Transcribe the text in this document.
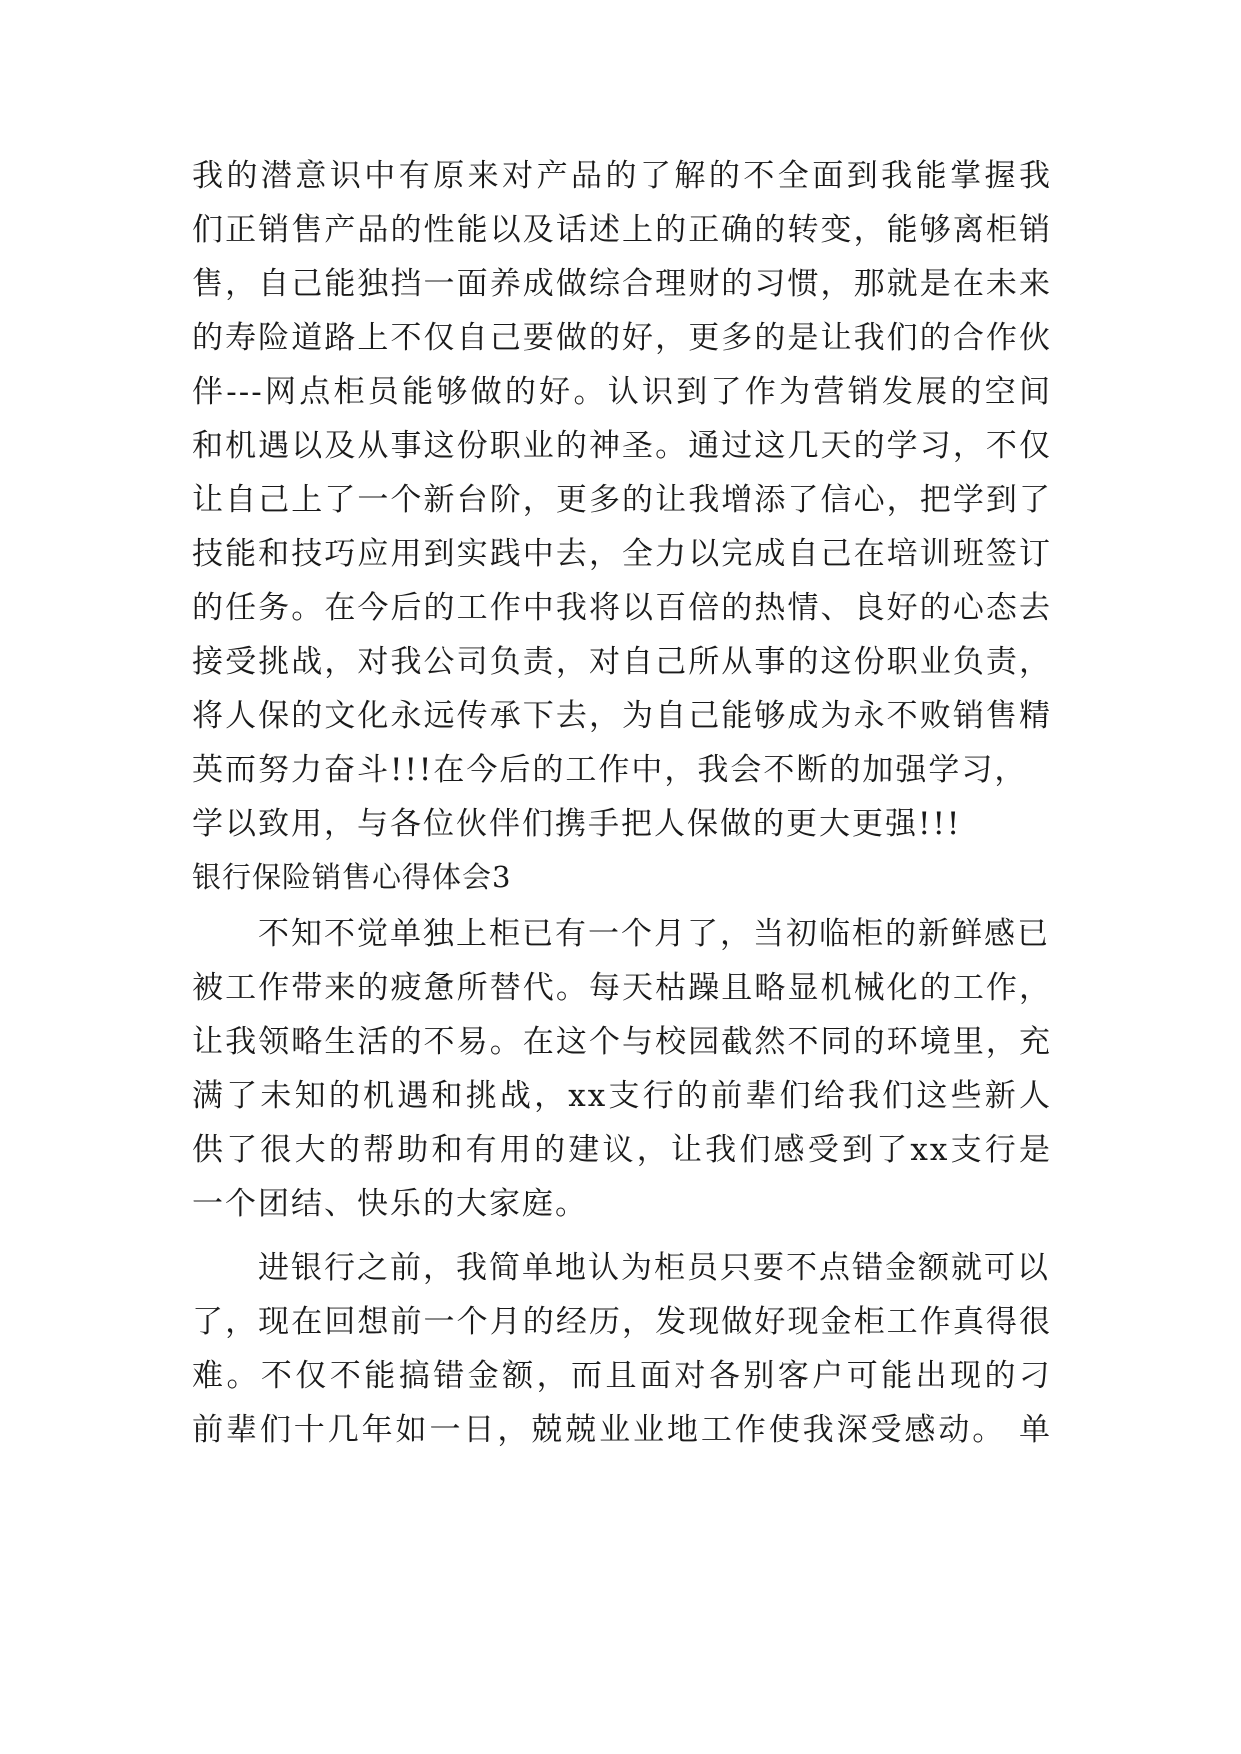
我的潜意识中有原来对产品的了解的不全面到我能掌握我
们正销售产品的性能以及话述上的正确的转变，能够离柜销
售，自己能独挡一面养成做综合理财的习惯，那就是在未来
的寿险道路上不仅自己要做的好，更多的是让我们的合作伙
伴---网点柜员能够做的好。认识到了作为营销发展的空间
和机遇以及从事这份职业的神圣。通过这几天的学习，不仅
让自己上了一个新台阶，更多的让我增添了信心，把学到了
技能和技巧应用到实践中去，全力以完成自己在培训班签订
的任务。在今后的工作中我将以百倍的热情、良好的心态去
接受挑战，对我公司负责，对自己所从事的这份职业负责，
将人保的文化永远传承下去，为自己能够成为永不败销售精
英而努力奋斗!!!在今后的工作中，我会不断的加强学习，
学以致用，与各位伙伴们携手把人保做的更大更强!!!
银行保险销售心得体会3
不知不觉单独上柜已有一个月了，当初临柜的新鲜感已
被工作带来的疲惫所替代。每天枯躁且略显机械化的工作，
让我领略生活的不易。在这个与校园截然不同的环境里，充
满了未知的机遇和挑战，xx支行的前辈们给我们这些新人
供了很大的帮助和有用的建议，让我们感受到了xx支行是
一个团结、快乐的大家庭。
进银行之前，我简单地认为柜员只要不点错金额就可以
了，现在回想前一个月的经历，发现做好现金柜工作真得很
难。不仅不能搞错金额，而且面对各别客户可能出现的刁
前辈们十几年如一日，兢兢业业地工作使我深受感动。 单
